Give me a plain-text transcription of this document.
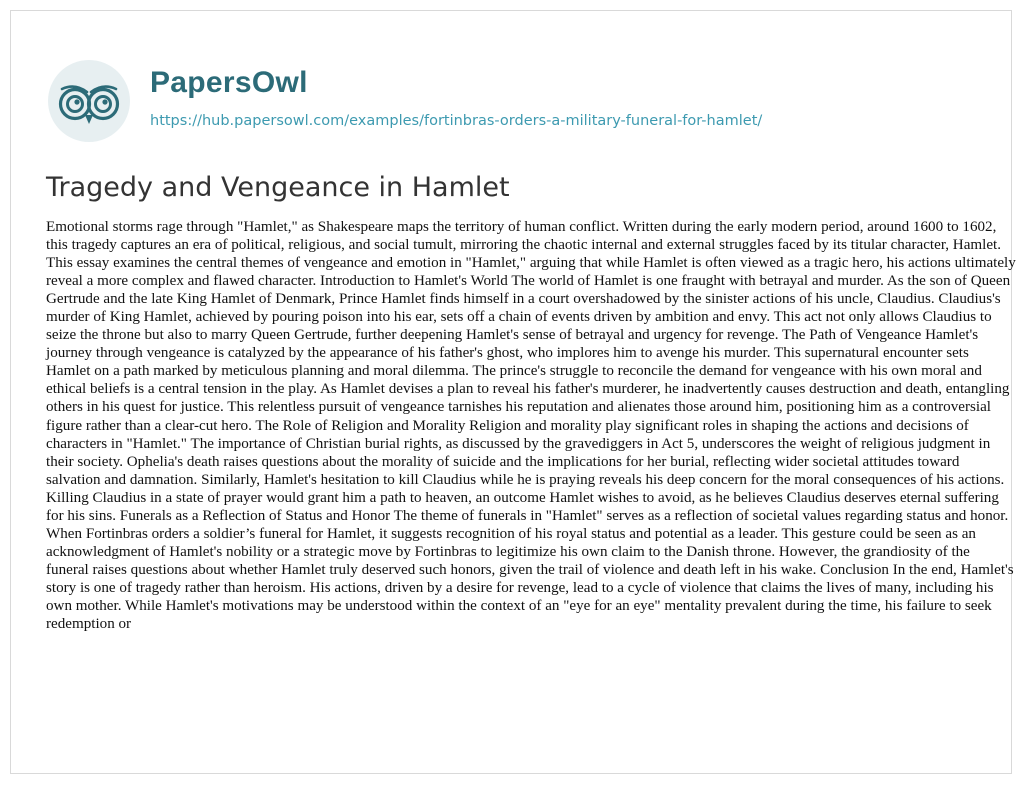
PapersOwl
https://hub.papersowl.com/examples/fortinbras-orders-a-military-funeral-for-hamlet/
Tragedy and Vengeance in Hamlet

Emotional storms rage through "Hamlet," as Shakespeare maps the territory of human conflict. Written during the early modern period, around 1600 to 1602, this tragedy captures an era of political, religious, and social tumult, mirroring the chaotic internal and external struggles faced by its titular character, Hamlet. This essay examines the central themes of vengeance and emotion in "Hamlet," arguing that while Hamlet is often viewed as a tragic hero, his actions ultimately reveal a more complex and flawed character. Introduction to Hamlet's World The world of Hamlet is one fraught with betrayal and murder. As the son of Queen Gertrude and the late King Hamlet of Denmark, Prince Hamlet finds himself in a court overshadowed by the sinister actions of his uncle, Claudius. Claudius's murder of King Hamlet, achieved by pouring poison into his ear, sets off a chain of events driven by ambition and envy. This act not only allows Claudius to seize the throne but also to marry Queen Gertrude, further deepening Hamlet's sense of betrayal and urgency for revenge. The Path of Vengeance Hamlet's journey through vengeance is catalyzed by the appearance of his father's ghost, who implores him to avenge his murder. This supernatural encounter sets Hamlet on a path marked by meticulous planning and moral dilemma. The prince's struggle to reconcile the demand for vengeance with his own moral and ethical beliefs is a central tension in the play. As Hamlet devises a plan to reveal his father's murderer, he inadvertently causes destruction and death, entangling others in his quest for justice. This relentless pursuit of vengeance tarnishes his reputation and alienates those around him, positioning him as a controversial figure rather than a clear-cut hero. The Role of Religion and Morality Religion and morality play significant roles in shaping the actions and decisions of characters in "Hamlet." The importance of Christian burial rights, as discussed by the gravediggers in Act 5, underscores the weight of religious judgment in their society. Ophelia's death raises questions about the morality of suicide and the implications for her burial, reflecting wider societal attitudes toward salvation and damnation. Similarly, Hamlet's hesitation to kill Claudius while he is praying reveals his deep concern for the moral consequences of his actions. Killing Claudius in a state of prayer would grant him a path to heaven, an outcome Hamlet wishes to avoid, as he believes Claudius deserves eternal suffering for his sins. Funerals as a Reflection of Status and Honor The theme of funerals in "Hamlet" serves as a reflection of societal values regarding status and honor. When Fortinbras orders a soldier’s funeral for Hamlet, it suggests recognition of his royal status and potential as a leader. This gesture could be seen as an acknowledgment of Hamlet's nobility or a strategic move by Fortinbras to legitimize his own claim to the Danish throne. However, the grandiosity of the funeral raises questions about whether Hamlet truly deserved such honors, given the trail of violence and death left in his wake. Conclusion In the end, Hamlet's story is one of tragedy rather than heroism. His actions, driven by a desire for revenge, lead to a cycle of violence that claims the lives of many, including his own mother. While Hamlet's motivations may be understood within the context of an "eye for an eye" mentality prevalent during the time, his failure to seek redemption or
